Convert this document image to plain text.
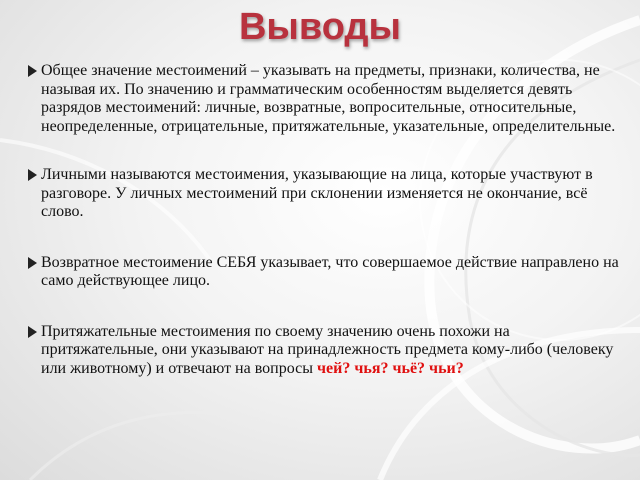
Выводы

Общее значение местоимений – указывать на предметы, признаки, количества, не называя их. По значению и грамматическим особенностям выделяется девять разрядов местоимений: личные, возвратные, вопросительные, относительные, неопределенные, отрицательные, притяжательные, указательные, определительные.

Личными называются местоимения, указывающие на лица, которые участвуют в разговоре. У личных местоимений при склонении изменяется не окончание, всё слово.

Возвратное местоимение СЕБЯ указывает, что совершаемое действие направлено на само действующее лицо.

Притяжательные местоимения по своему значению очень похожи на притяжательные, они указывают на принадлежность предмета кому-либо (человеку или животному) и отвечают на вопросы чей? чья? чьё? чьи?
